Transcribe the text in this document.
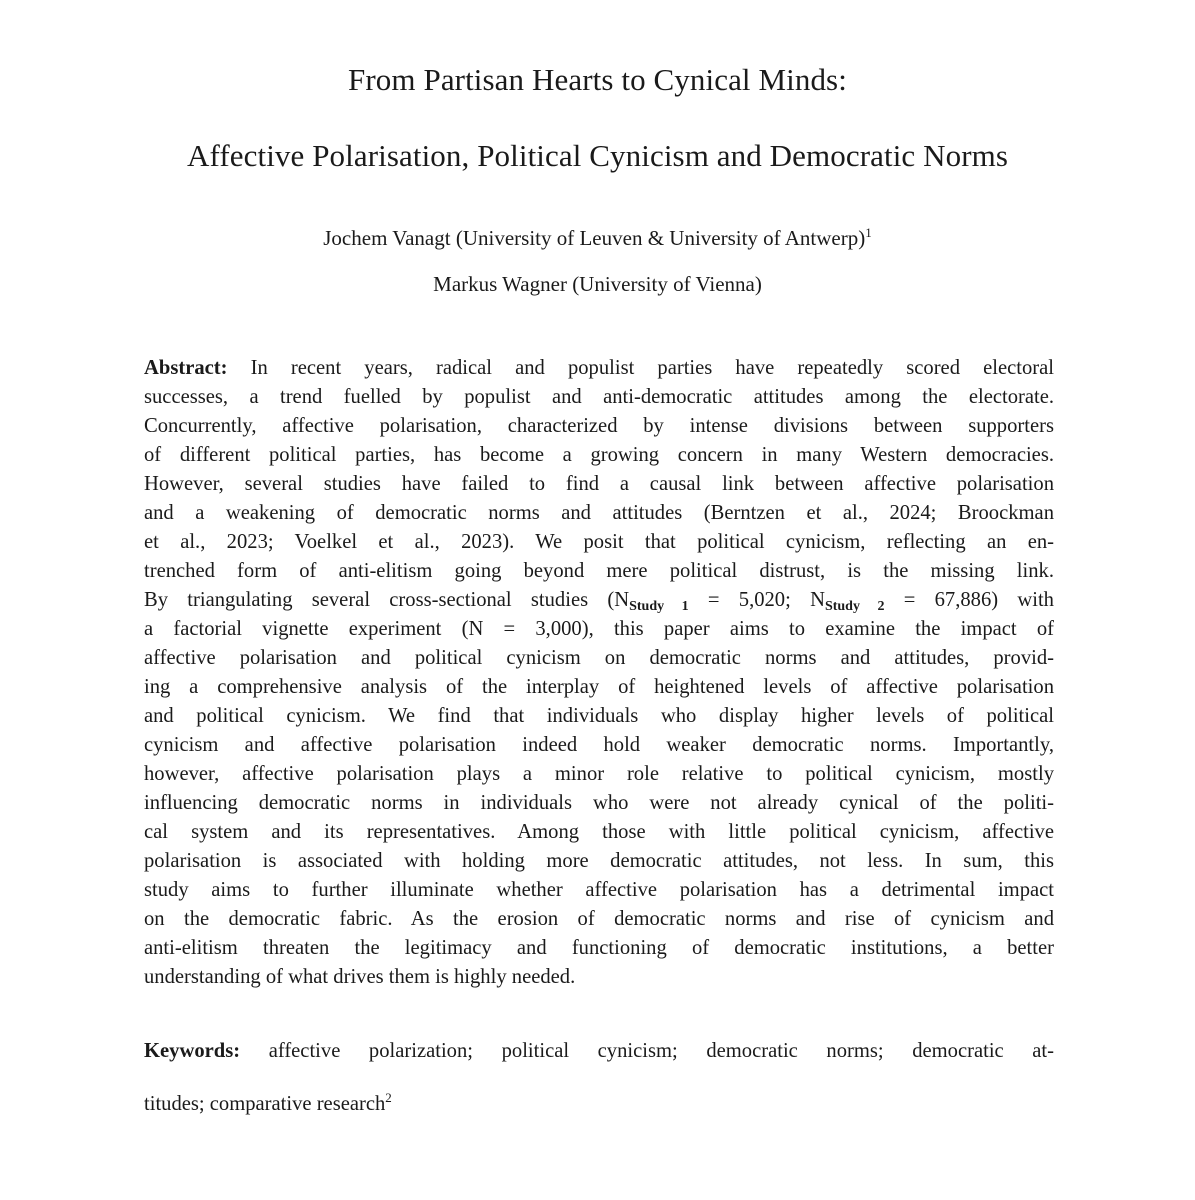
From Partisan Hearts to Cynical Minds:
Affective Polarisation, Political Cynicism and Democratic Norms
Jochem Vanagt (University of Leuven & University of Antwerp)$^1$
Markus Wagner (University of Vienna)
Abstract: In recent years, radical and populist parties have repeatedly scored electoral
successes, a trend fuelled by populist and anti-democratic attitudes among the electorate.
Concurrently, affective polarisation, characterized by intense divisions between supporters
of different political parties, has become a growing concern in many Western democracies.
However, several studies have failed to find a causal link between affective polarisation
and a weakening of democratic norms and attitudes (Berntzen et al., 2024; Broockman
et al., 2023; Voelkel et al., 2023). We posit that political cynicism, reflecting an en-
trenched form of anti-elitism going beyond mere political distrust, is the missing link.
By triangulating several cross-sectional studies ($N_{Study 1} = 5,020$; $N_{Study 2} = 67,886$) with
a factorial vignette experiment (N = 3,000), this paper aims to examine the impact of
affective polarisation and political cynicism on democratic norms and attitudes, provid-
ing a comprehensive analysis of the interplay of heightened levels of affective polarisation
and political cynicism. We find that individuals who display higher levels of political
cynicism and affective polarisation indeed hold weaker democratic norms. Importantly,
however, affective polarisation plays a minor role relative to political cynicism, mostly
influencing democratic norms in individuals who were not already cynical of the politi-
cal system and its representatives. Among those with little political cynicism, affective
polarisation is associated with holding more democratic attitudes, not less. In sum, this
study aims to further illuminate whether affective polarisation has a detrimental impact
on the democratic fabric. As the erosion of democratic norms and rise of cynicism and
anti-elitism threaten the legitimacy and functioning of democratic institutions, a better
understanding of what drives them is highly needed.
Keywords: affective polarization; political cynicism; democratic norms; democratic at-
titudes; comparative research$^2$
